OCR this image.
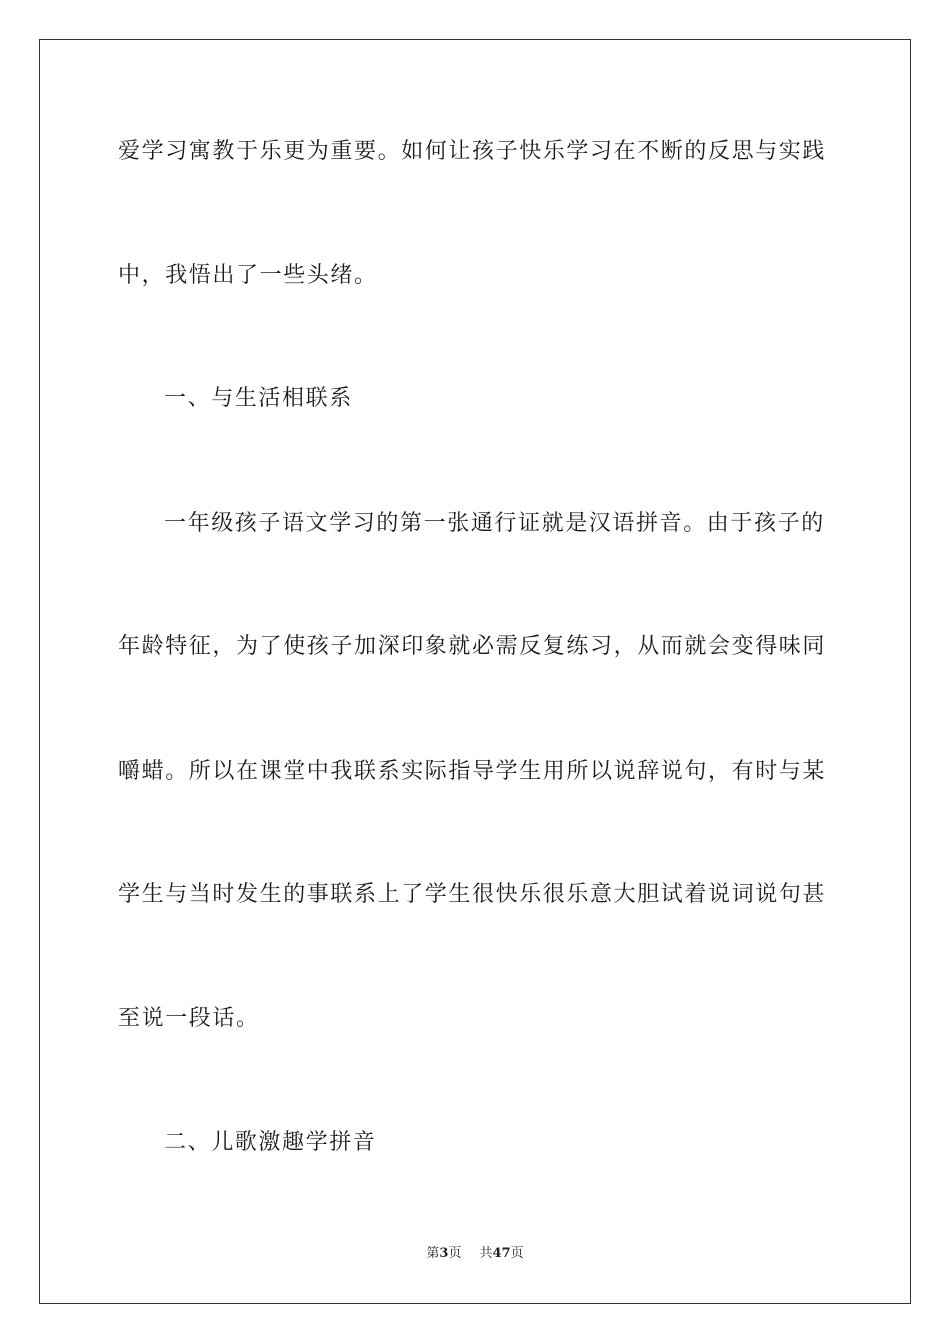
爱学习寓教于乐更为重要。如何让孩子快乐学习在不断的反思与实践
中，我悟出了一些头绪。
一、与生活相联系
一年级孩子语文学习的第一张通行证就是汉语拼音。由于孩子的
年龄特征，为了使孩子加深印象就必需反复练习，从而就会变得味同
嚼蜡。所以在课堂中我联系实际指导学生用所以说辞说句，有时与某
学生与当时发生的事联系上了学生很快乐很乐意大胆试着说词说句甚
至说一段话。
二、儿歌激趣学拼音
第3页 共47页
